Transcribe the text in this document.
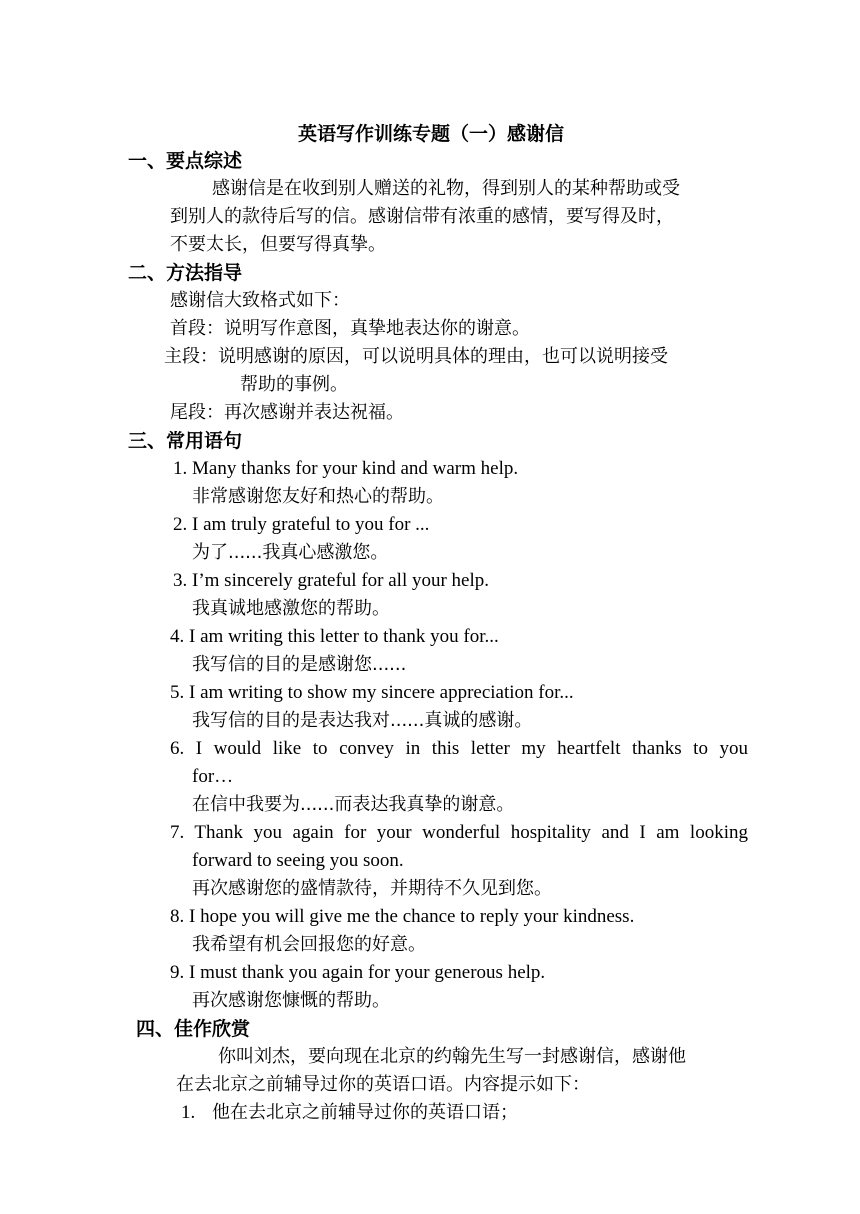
英语写作训练专题（一）感谢信
一、要点综述
感谢信是在收到别人赠送的礼物，得到别人的某种帮助或受
到别人的款待后写的信。感谢信带有浓重的感情，要写得及时，
不要太长，但要写得真挚。
二、方法指导
感谢信大致格式如下：
首段：说明写作意图，真挚地表达你的谢意。
主段：说明感谢的原因，可以说明具体的理由，也可以说明接受
帮助的事例。
尾段：再次感谢并表达祝福。
三、常用语句
1. Many thanks for your kind and warm help.
非常感谢您友好和热心的帮助。
2. I am truly grateful to you for ...
为了......我真心感激您。
3. I’m sincerely grateful for all your help.
我真诚地感激您的帮助。
4. I am writing this letter to thank you for...
我写信的目的是感谢您......
5. I am writing to show my sincere appreciation for...
我写信的目的是表达我对......真诚的感谢。
6. I would like to convey in this letter my heartfelt thanks to you
for…
在信中我要为......而表达我真挚的谢意。
7. Thank you again for your wonderful hospitality and I am looking
forward to seeing you soon.
再次感谢您的盛情款待，并期待不久见到您。
8. I hope you will give me the chance to reply your kindness.
我希望有机会回报您的好意。
9. I must thank you again for your generous help.
再次感谢您慷慨的帮助。
四、佳作欣赏
你叫刘杰，要向现在北京的约翰先生写一封感谢信，感谢他
在去北京之前辅导过你的英语口语。内容提示如下：
1. 他在去北京之前辅导过你的英语口语；
